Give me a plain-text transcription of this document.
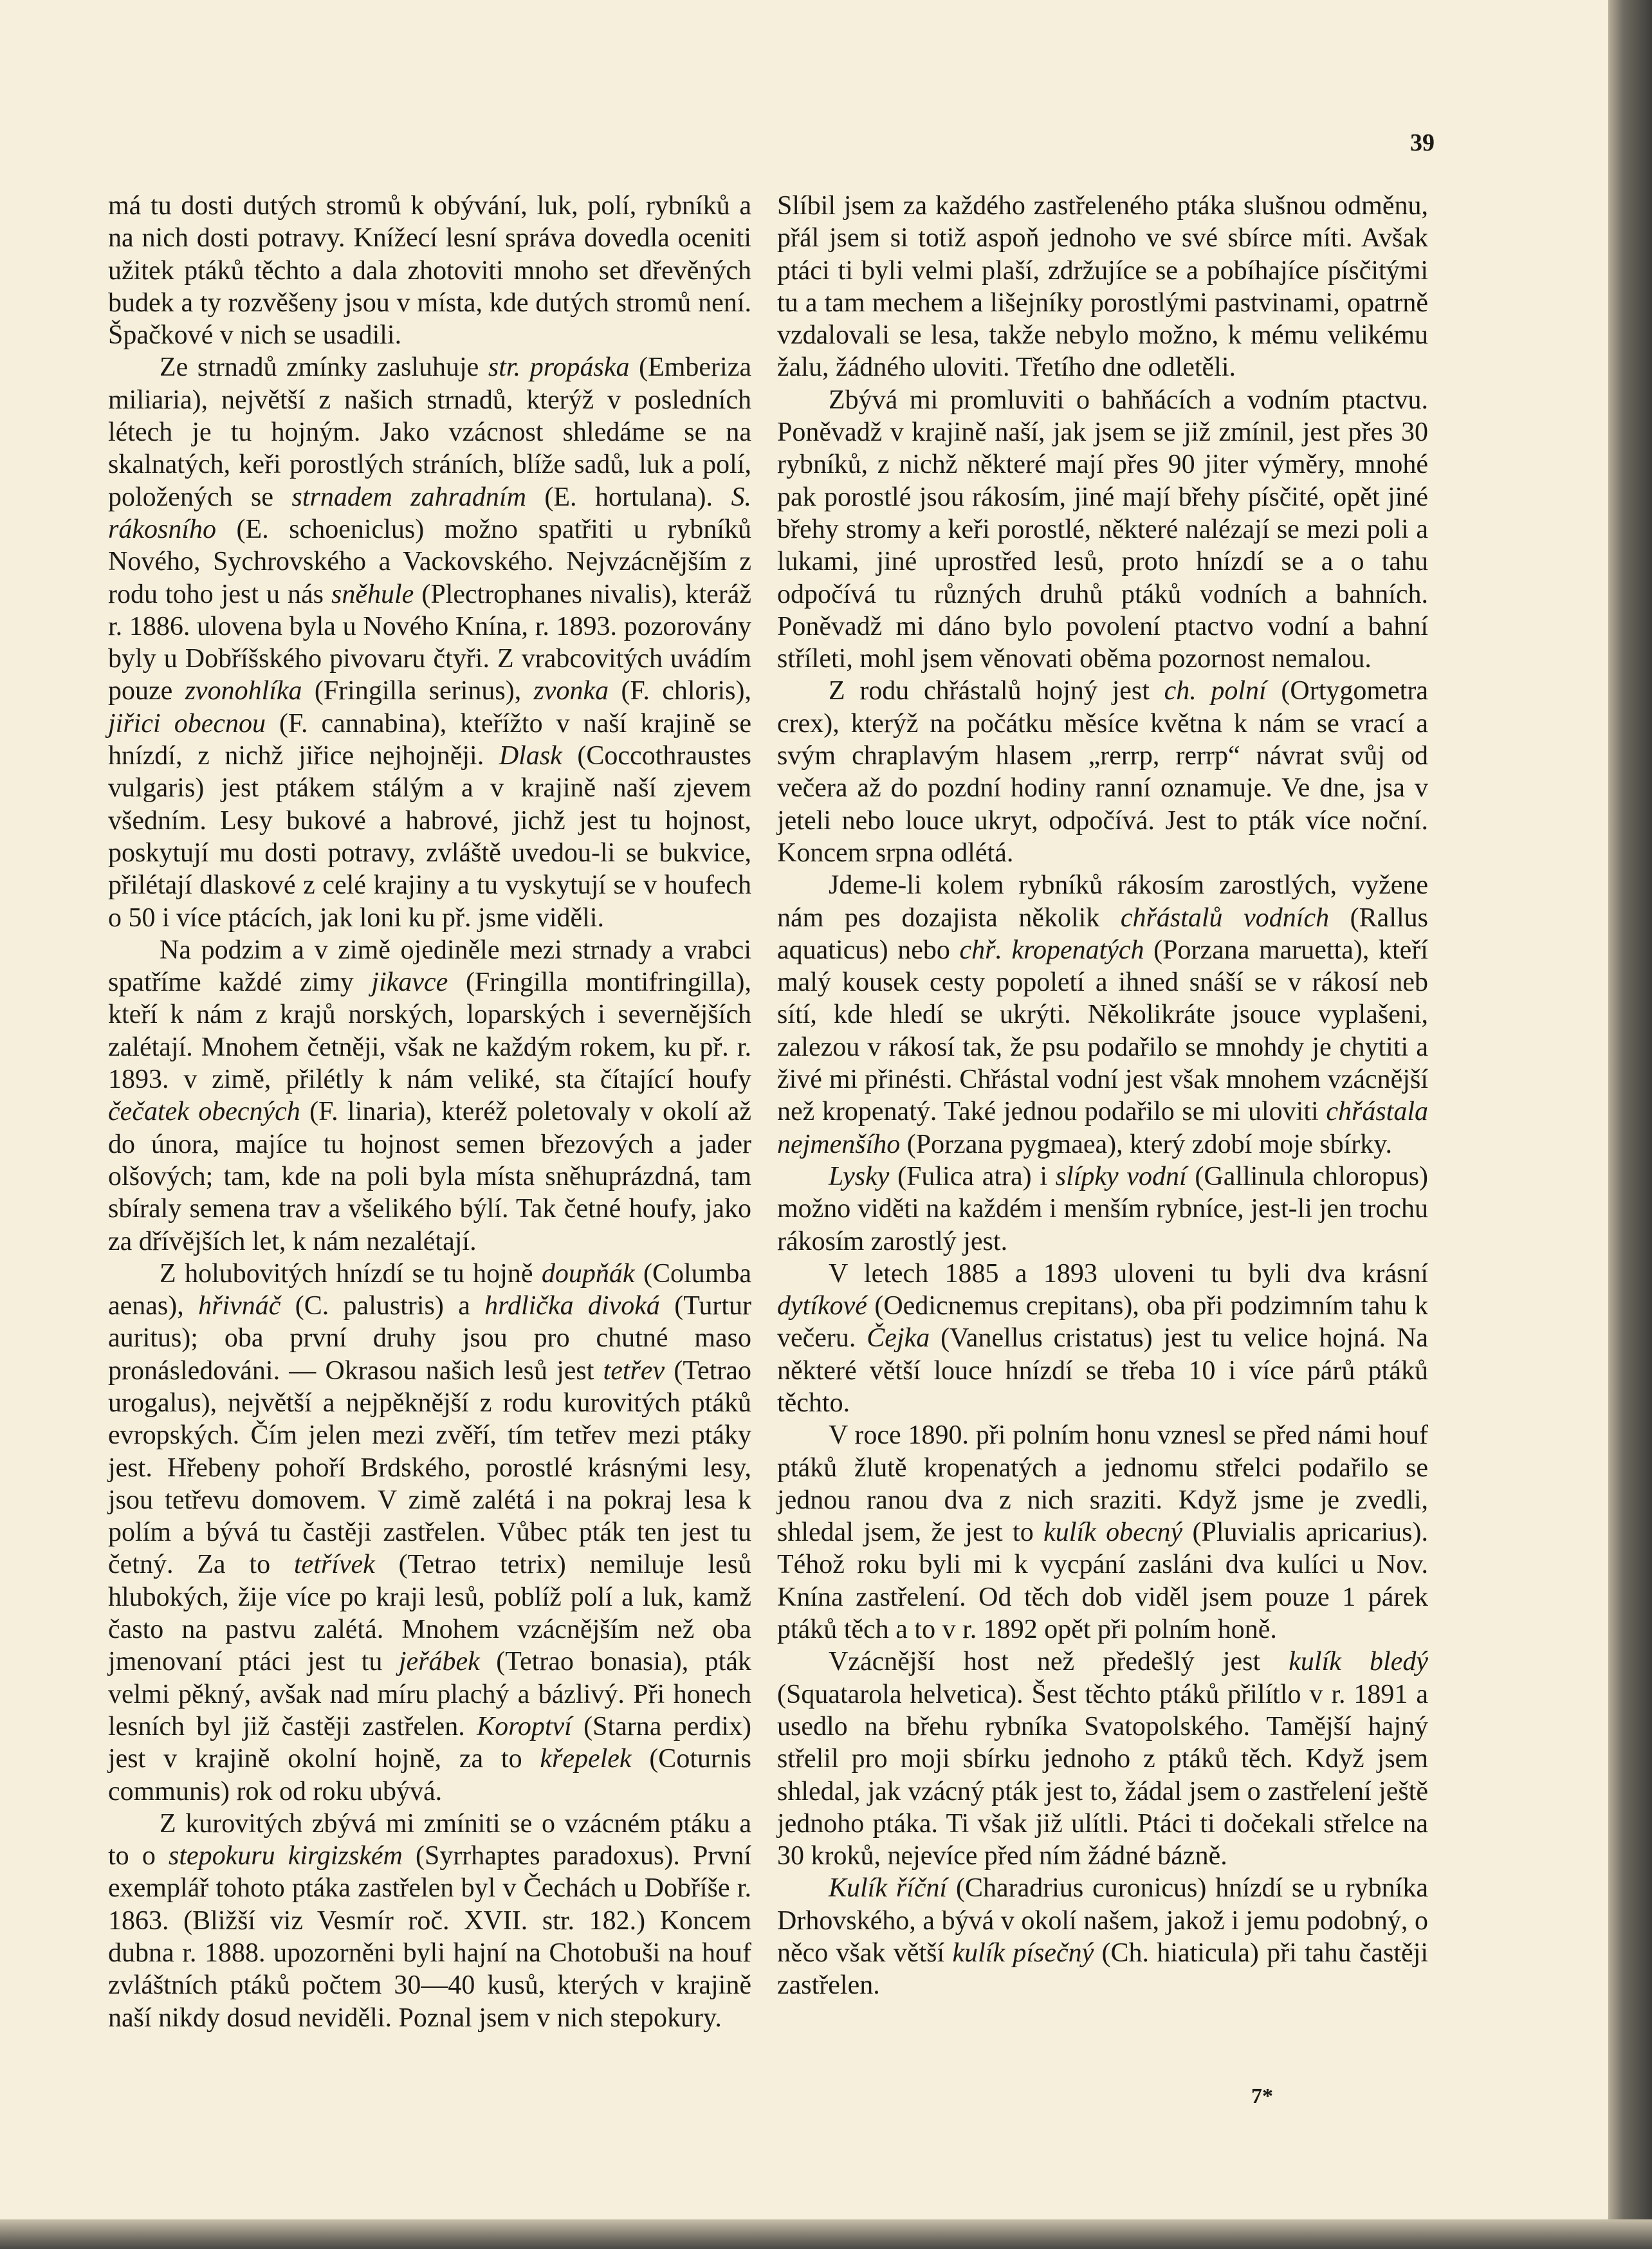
39

má tu dosti dutých stromů k obývání, luk, polí, rybníků a na nich dosti potravy. Knížecí lesní správa dovedla oceniti užitek ptáků těchto a dala zhotoviti mnoho set dřevěných budek a ty rozvěšeny jsou v místa, kde dutých stromů není. Špačkové v nich se usadili.

Ze strnadů zmínky zasluhuje str. propáska (Emberiza miliaria), největší z našich strnadů, kterýž v posledních létech je tu hojným. Jako vzácnost shledáme se na skalnatých, keři porostlých stráních, blíže sadů, luk a polí, položených se strnadem zahradním (E. hortulana). S. rákosního (E. schoeniclus) možno spatřiti u rybníků Nového, Sychrovského a Vackovského. Nejvzácnějším z rodu toho jest u nás sněhule (Plectrophanes nivalis), kteráž r. 1886. ulovena byla u Nového Knína, r. 1893. pozorovány byly u Dobříšského pivovaru čtyři. Z vrabcovitých uvádím pouze zvonohlíka (Fringilla serinus), zvonka (F. chloris), jiřici obecnou (F. cannabina), kteřížto v naší krajině se hnízdí, z nichž jiřice nejhojněji. Dlask (Coccothraustes vulgaris) jest ptákem stálým a v krajině naší zjevem všedním. Lesy bukové a habrové, jichž jest tu hojnost, poskytují mu dosti potravy, zvláště uvedou-li se bukvice, přilétají dlaskové z celé krajiny a tu vyskytují se v houfech o 50 i více ptácích, jak loni ku př. jsme viděli.

Na podzim a v zimě ojediněle mezi strnady a vrabci spatříme každé zimy jikavce (Fringilla montifringilla), kteří k nám z krajů norských, loparských i severnějších zalétají. Mnohem četněji, však ne každým rokem, ku př. r. 1893. v zimě, přilétly k nám veliké, sta čítající houfy čečatek obecných (F. linaria), kteréž poletovaly v okolí až do února, majíce tu hojnost semen březových a jader olšových; tam, kde na poli byla místa sněhuprázdná, tam sbíraly semena trav a všelikého býlí. Tak četné houfy, jako za dřívějších let, k nám nezalétají.

Z holubovitých hnízdí se tu hojně doupňák (Columba aenas), hřivnáč (C. palustris) a hrdlička divoká (Turtur auritus); oba první druhy jsou pro chutné maso pronásledováni. — Okrasou našich lesů jest tetřev (Tetrao urogalus), největší a nejpěknější z rodu kurovitých ptáků evropských. Čím jelen mezi zvěří, tím tetřev mezi ptáky jest. Hřebeny pohoří Brdského, porostlé krásnými lesy, jsou tetřevu domovem. V zimě zalétá i na pokraj lesa k polím a bývá tu častěji zastřelen. Vůbec pták ten jest tu četný. Za to tetřívek (Tetrao tetrix) nemiluje lesů hlubokých, žije více po kraji lesů, poblíž polí a luk, kamž často na pastvu zalétá. Mnohem vzácnějším než oba jmenovaní ptáci jest tu jeřábek (Tetrao bonasia), pták velmi pěkný, avšak nad míru plachý a bázlivý. Při honech lesních byl již častěji zastřelen. Koroptví (Starna perdix) jest v krajině okolní hojně, za to křepelek (Coturnis communis) rok od roku ubývá.

Z kurovitých zbývá mi zmíniti se o vzácném ptáku a to o stepokuru kirgizském (Syrrhaptes paradoxus). První exemplář tohoto ptáka zastřelen byl v Čechách u Dobříše r. 1863. (Bližší viz Vesmír roč. XVII. str. 182.) Koncem dubna r. 1888. upozorněni byli hajní na Chotobuši na houf zvláštních ptáků počtem 30—40 kusů, kterých v krajině naší nikdy dosud neviděli. Poznal jsem v nich stepokury.

Slíbil jsem za každého zastřeleného ptáka slušnou odměnu, přál jsem si totiž aspoň jednoho ve své sbírce míti. Avšak ptáci ti byli velmi plaší, zdržujíce se a pobíhajíce písčitými tu a tam mechem a lišejníky porostlými pastvinami, opatrně vzdalovali se lesa, takže nebylo možno, k mému velikému žalu, žádného uloviti. Třetího dne odletěli.

Zbývá mi promluviti o bahňácích a vodním ptactvu. Poněvadž v krajině naší, jak jsem se již zmínil, jest přes 30 rybníků, z nichž některé mají přes 90 jiter výměry, mnohé pak porostlé jsou rákosím, jiné mají břehy písčité, opět jiné břehy stromy a keři porostlé, některé nalézají se mezi poli a lukami, jiné uprostřed lesů, proto hnízdí se a o tahu odpočívá tu různých druhů ptáků vodních a bahních. Poněvadž mi dáno bylo povolení ptactvo vodní a bahní stříleti, mohl jsem věnovati oběma pozornost nemalou.

Z rodu chřástalů hojný jest ch. polní (Ortygometra crex), kterýž na počátku měsíce května k nám se vrací a svým chraplavým hlasem „rerrp, rerrp“ návrat svůj od večera až do pozdní hodiny ranní oznamuje. Ve dne, jsa v jeteli nebo louce ukryt, odpočívá. Jest to pták více noční. Koncem srpna odlétá.

Jdeme-li kolem rybníků rákosím zarostlých, vyžene nám pes dozajista několik chřástalů vodních (Rallus aquaticus) nebo chř. kropenatých (Porzana maruetta), kteří malý kousek cesty popoletí a ihned snáší se v rákosí neb sítí, kde hledí se ukrýti. Několikráte jsouce vyplašeni, zalezou v rákosí tak, že psu podařilo se mnohdy je chytiti a živé mi přinésti. Chřástal vodní jest však mnohem vzácnější než kropenatý. Také jednou podařilo se mi uloviti chřástala nejmenšího (Porzana pygmaea), který zdobí moje sbírky.

Lysky (Fulica atra) i slípky vodní (Gallinula chloropus) možno viděti na každém i menším rybníce, jest-li jen trochu rákosím zarostlý jest.

V letech 1885 a 1893 uloveni tu byli dva krásní dytíkové (Oedicnemus crepitans), oba při podzimním tahu k večeru. Čejka (Vanellus cristatus) jest tu velice hojná. Na některé větší louce hnízdí se třeba 10 i více párů ptáků těchto.

V roce 1890. při polním honu vznesl se před námi houf ptáků žlutě kropenatých a jednomu střelci podařilo se jednou ranou dva z nich sraziti. Když jsme je zvedli, shledal jsem, že jest to kulík obecný (Pluvialis apricarius). Téhož roku byli mi k vycpání zasláni dva kulíci u Nov. Knína zastřelení. Od těch dob viděl jsem pouze 1 párek ptáků těch a to v r. 1892 opět při polním honě.

Vzácnější host než předešlý jest kulík bledý (Squatarola helvetica). Šest těchto ptáků přilítlo v r. 1891 a usedlo na břehu rybníka Svatopolského. Tamější hajný střelil pro moji sbírku jednoho z ptáků těch. Když jsem shledal, jak vzácný pták jest to, žádal jsem o zastřelení ještě jednoho ptáka. Ti však již ulítli. Ptáci ti dočekali střelce na 30 kroků, nejevíce před ním žádné bázně.

Kulík říční (Charadrius curonicus) hnízdí se u rybníka Drhovského, a bývá v okolí našem, jakož i jemu podobný, o něco však větší kulík písečný (Ch. hiaticula) při tahu častěji zastřelen.

7*
